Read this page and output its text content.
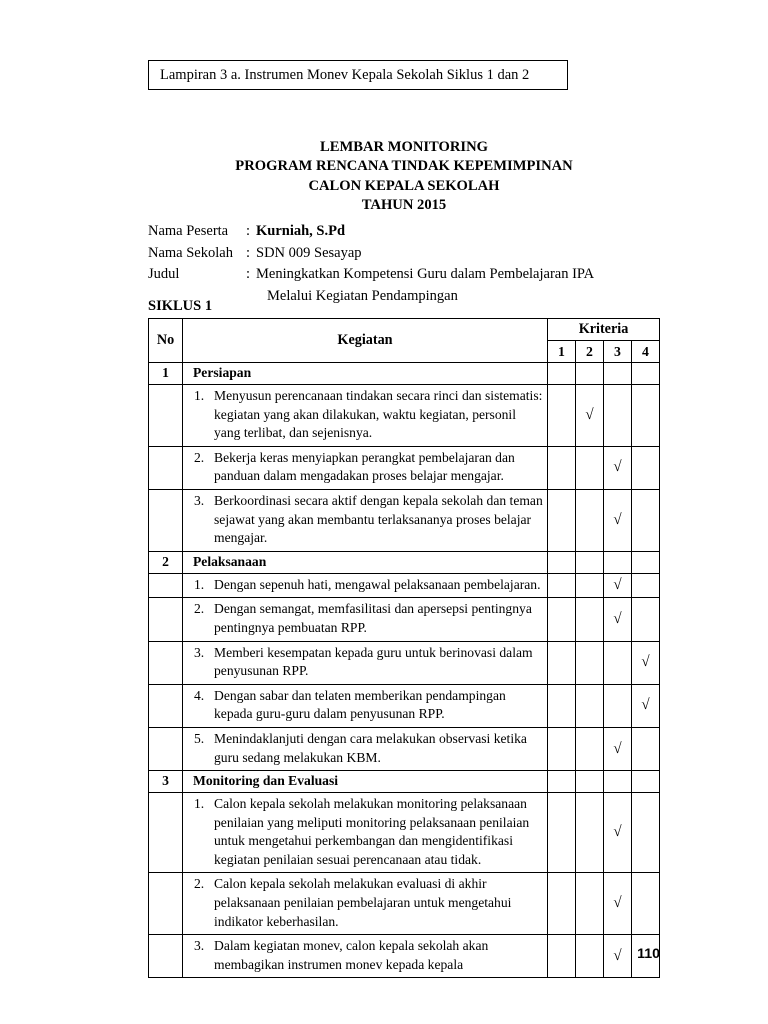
Lampiran 3 a. Instrumen Monev Kepala Sekolah Siklus 1 dan 2
LEMBAR MONITORING
PROGRAM RENCANA TINDAK KEPEMIMPINAN
CALON KEPALA SEKOLAH
TAHUN 2015
Nama Peserta	: Kurniah, S.Pd
Nama Sekolah : SDN 009 Sesayap
Judul	: Meningkatkan Kompetensi Guru dalam Pembelajaran IPA
Melalui Kegiatan Pendampingan
SIKLUS 1
No	Kegiatan	Kriteria			
		1	2	3	4
1	Persiapan				

	1. Menyusun perencanaan tindakan secara rinci dan sistematis: kegiatan yang akan dilakukan, waktu kegiatan, personil yang terlibat, dan sejenisnya.		√		

	2. Bekerja keras menyiapkan perangkat pembelajaran dan panduan dalam mengadakan proses belajar mengajar.			√	

	3. Berkoordinasi secara aktif dengan kepala sekolah dan teman sejawat yang akan membantu terlaksananya proses belajar mengajar.			√	
2	Pelaksanaan				

	1. Dengan sepenuh hati, mengawal pelaksanaan pembelajaran.			√	

	2. Dengan semangat, memfasilitasi dan apersepsi pentingnya pentingnya pembuatan RPP.			√	

	3. Memberi kesempatan kepada guru untuk berinovasi dalam penyusunan RPP.				√

	4. Dengan sabar dan telaten memberikan pendampingan kepada guru-guru dalam penyusunan RPP.				√

	5. Menindaklanjuti dengan cara melakukan observasi ketika guru sedang melakukan KBM.			√	
3	Monitoring dan Evaluasi				

	1. Calon kepala sekolah melakukan monitoring pelaksanaan penilaian yang meliputi monitoring pelaksanaan penilaian untuk mengetahui perkembangan dan mengidentifikasi kegiatan penilaian sesuai perencanaan atau tidak.			√	

	2. Calon kepala sekolah melakukan evaluasi di akhir pelaksanaan penilaian pembelajaran untuk mengetahui indikator keberhasilan.			√	

	3. Dalam kegiatan monev, calon kepala sekolah akan membagikan instrumen monev kepada kepala			√		110
